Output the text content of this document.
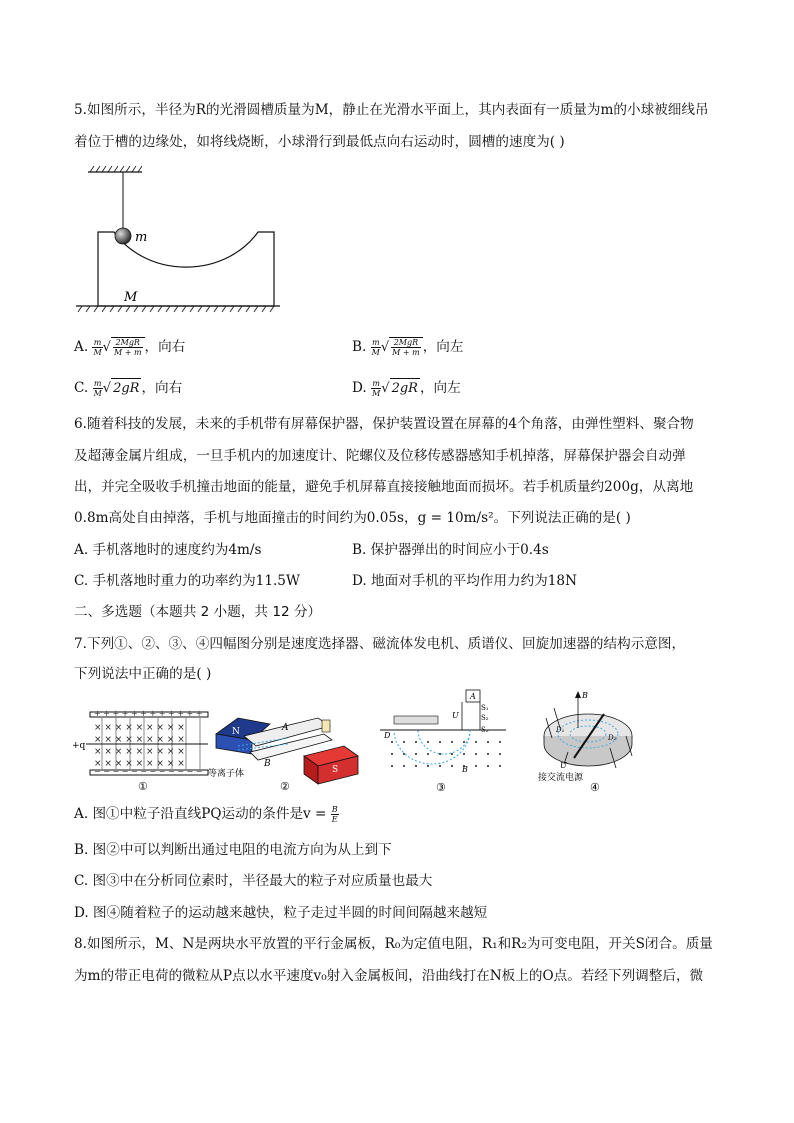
5.如图所示，半径为R的光滑圆槽质量为M，静止在光滑水平面上，其内表面有一质量为m的小球被细线吊
着位于槽的边缘处，如将线烧断，小球滑行到最低点向右运动时，圆槽的速度为( )
m
M
A. $\frac{m}{M}$ √ $\frac{\text{2MgR}}{M + m}$ ，向右	B. $\frac{m}{M}$ √ $\frac{\text{2MgR}}{M + m}$ ，向左
C. $\frac{m}{M}$ √ 2gR ，向右	D. $\frac{m}{M}$ √ 2gR ，向左
6.随着科技的发展，未来的手机带有屏幕保护器，保护装置设置在屏幕的4个角落，由弹性塑料、聚合物
及超薄金属片组成，一旦手机内的加速度计、陀螺仪及位移传感器感知手机掉落，屏幕保护器会自动弹
出，并完全吸收手机撞击地面的能量，避免手机屏幕直接接触地面而损坏。若手机质量约200g，从离地
0.8m高处自由掉落，手机与地面撞击的时间约为0.05s，g = 10m/s²。下列说法正确的是( )
A. 手机落地时的速度约为4m/s	B. 保护器弹出的时间应小于0.4s
C. 手机落地时重力的功率约为11.5W	D. 地面对手机的平均作用力约为18N
二、多选题（本题共 2 小题，共 12 分）
7.下列①、②、③、④四幅图分别是速度选择器、磁流体发电机、质谱仪、回旋加速器的结构示意图，
下列说法中正确的是( )
+ + + + + + + + + + + +
− − − − − − − − − − − −
× × × × × × × × ×
× × × × × × × × ×
× × × × × × × × ×
× × × × × × × × ×
+q
①
N	A
B
S
等离子体
②
A
U
S₁
S₂
S₃
D
B
③
B
D₁
D₂
U
接交流电源
④
A. 图①中粒子沿直线PQ运动的条件是$v = \frac{B}{E}$
B. 图②中可以判断出通过电阻的电流方向为从上到下
C. 图③中在分析同位素时，半径最大的粒子对应质量也最大
D. 图④随着粒子的运动越来越快，粒子走过半圆的时间间隔越来越短
8.如图所示，M、N是两块水平放置的平行金属板，R₀为定值电阻，R₁和R₂为可变电阻，开关S闭合。质量
为m的带正电荷的微粒从P点以水平速度v₀射入金属板间，沿曲线打在N板上的O点。若经下列调整后，微
